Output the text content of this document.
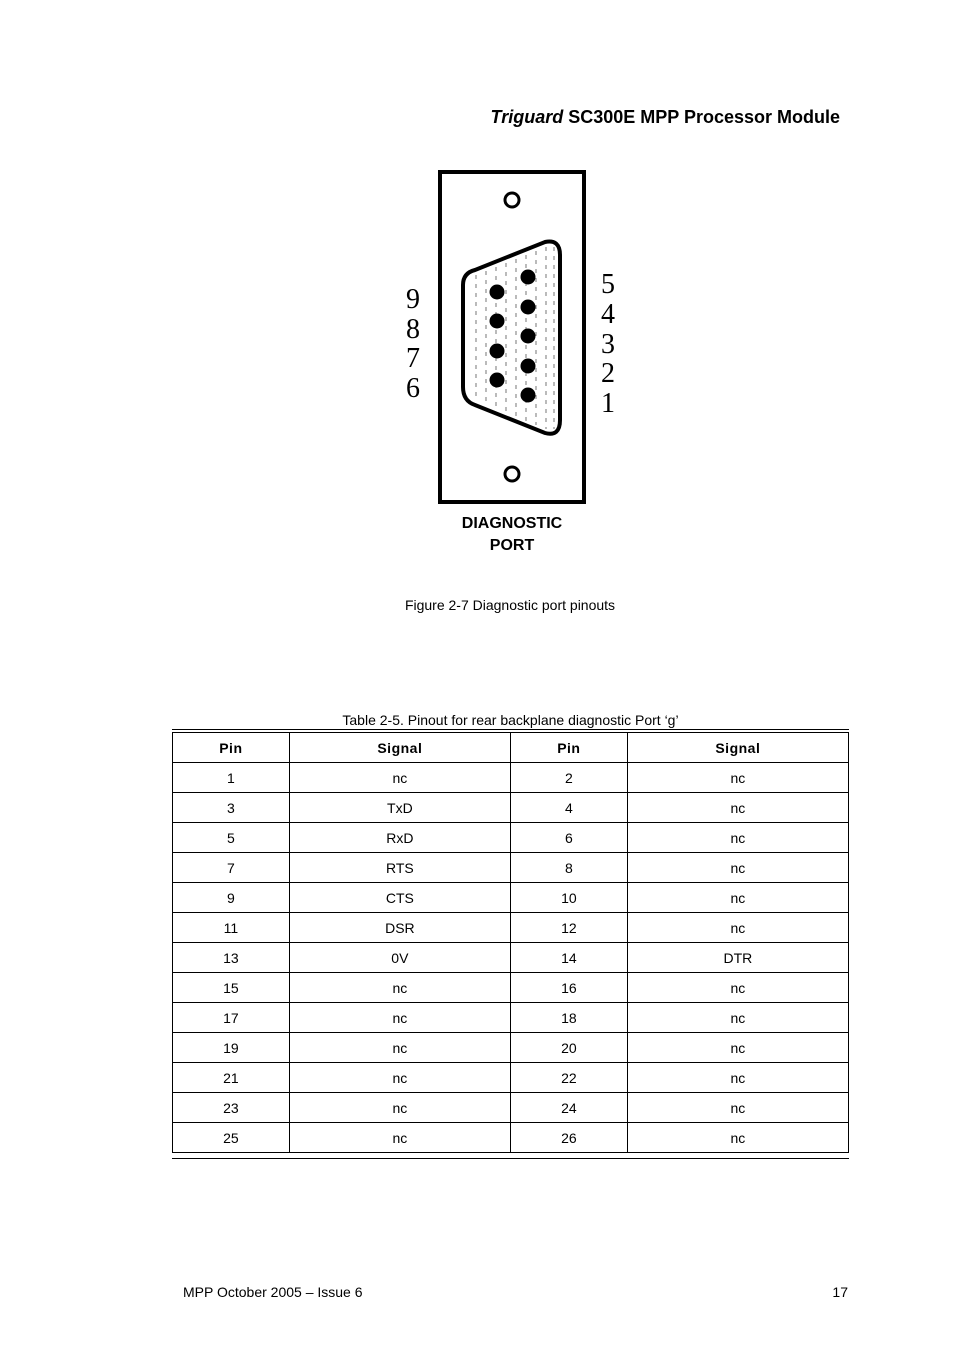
Triguard SC300E MPP Processor Module
9
8
7
6
5
4
3
2
1
DIAGNOSTIC
PORT
Figure 2-7 Diagnostic port pinouts
Table 2-5. Pinout for rear backplane diagnostic Port ‘g’
Pin	Signal	Pin	Signal
1	nc	2	nc
3	TxD	4	nc
5	RxD	6	nc
7	RTS	8	nc
9	CTS	10	nc
11	DSR	12	nc
13	0V	14	DTR
15	nc	16	nc
17	nc	18	nc
19	nc	20	nc
21	nc	22	nc
23	nc	24	nc
25	nc	26	nc
MPP October 2005 – Issue 6	17
